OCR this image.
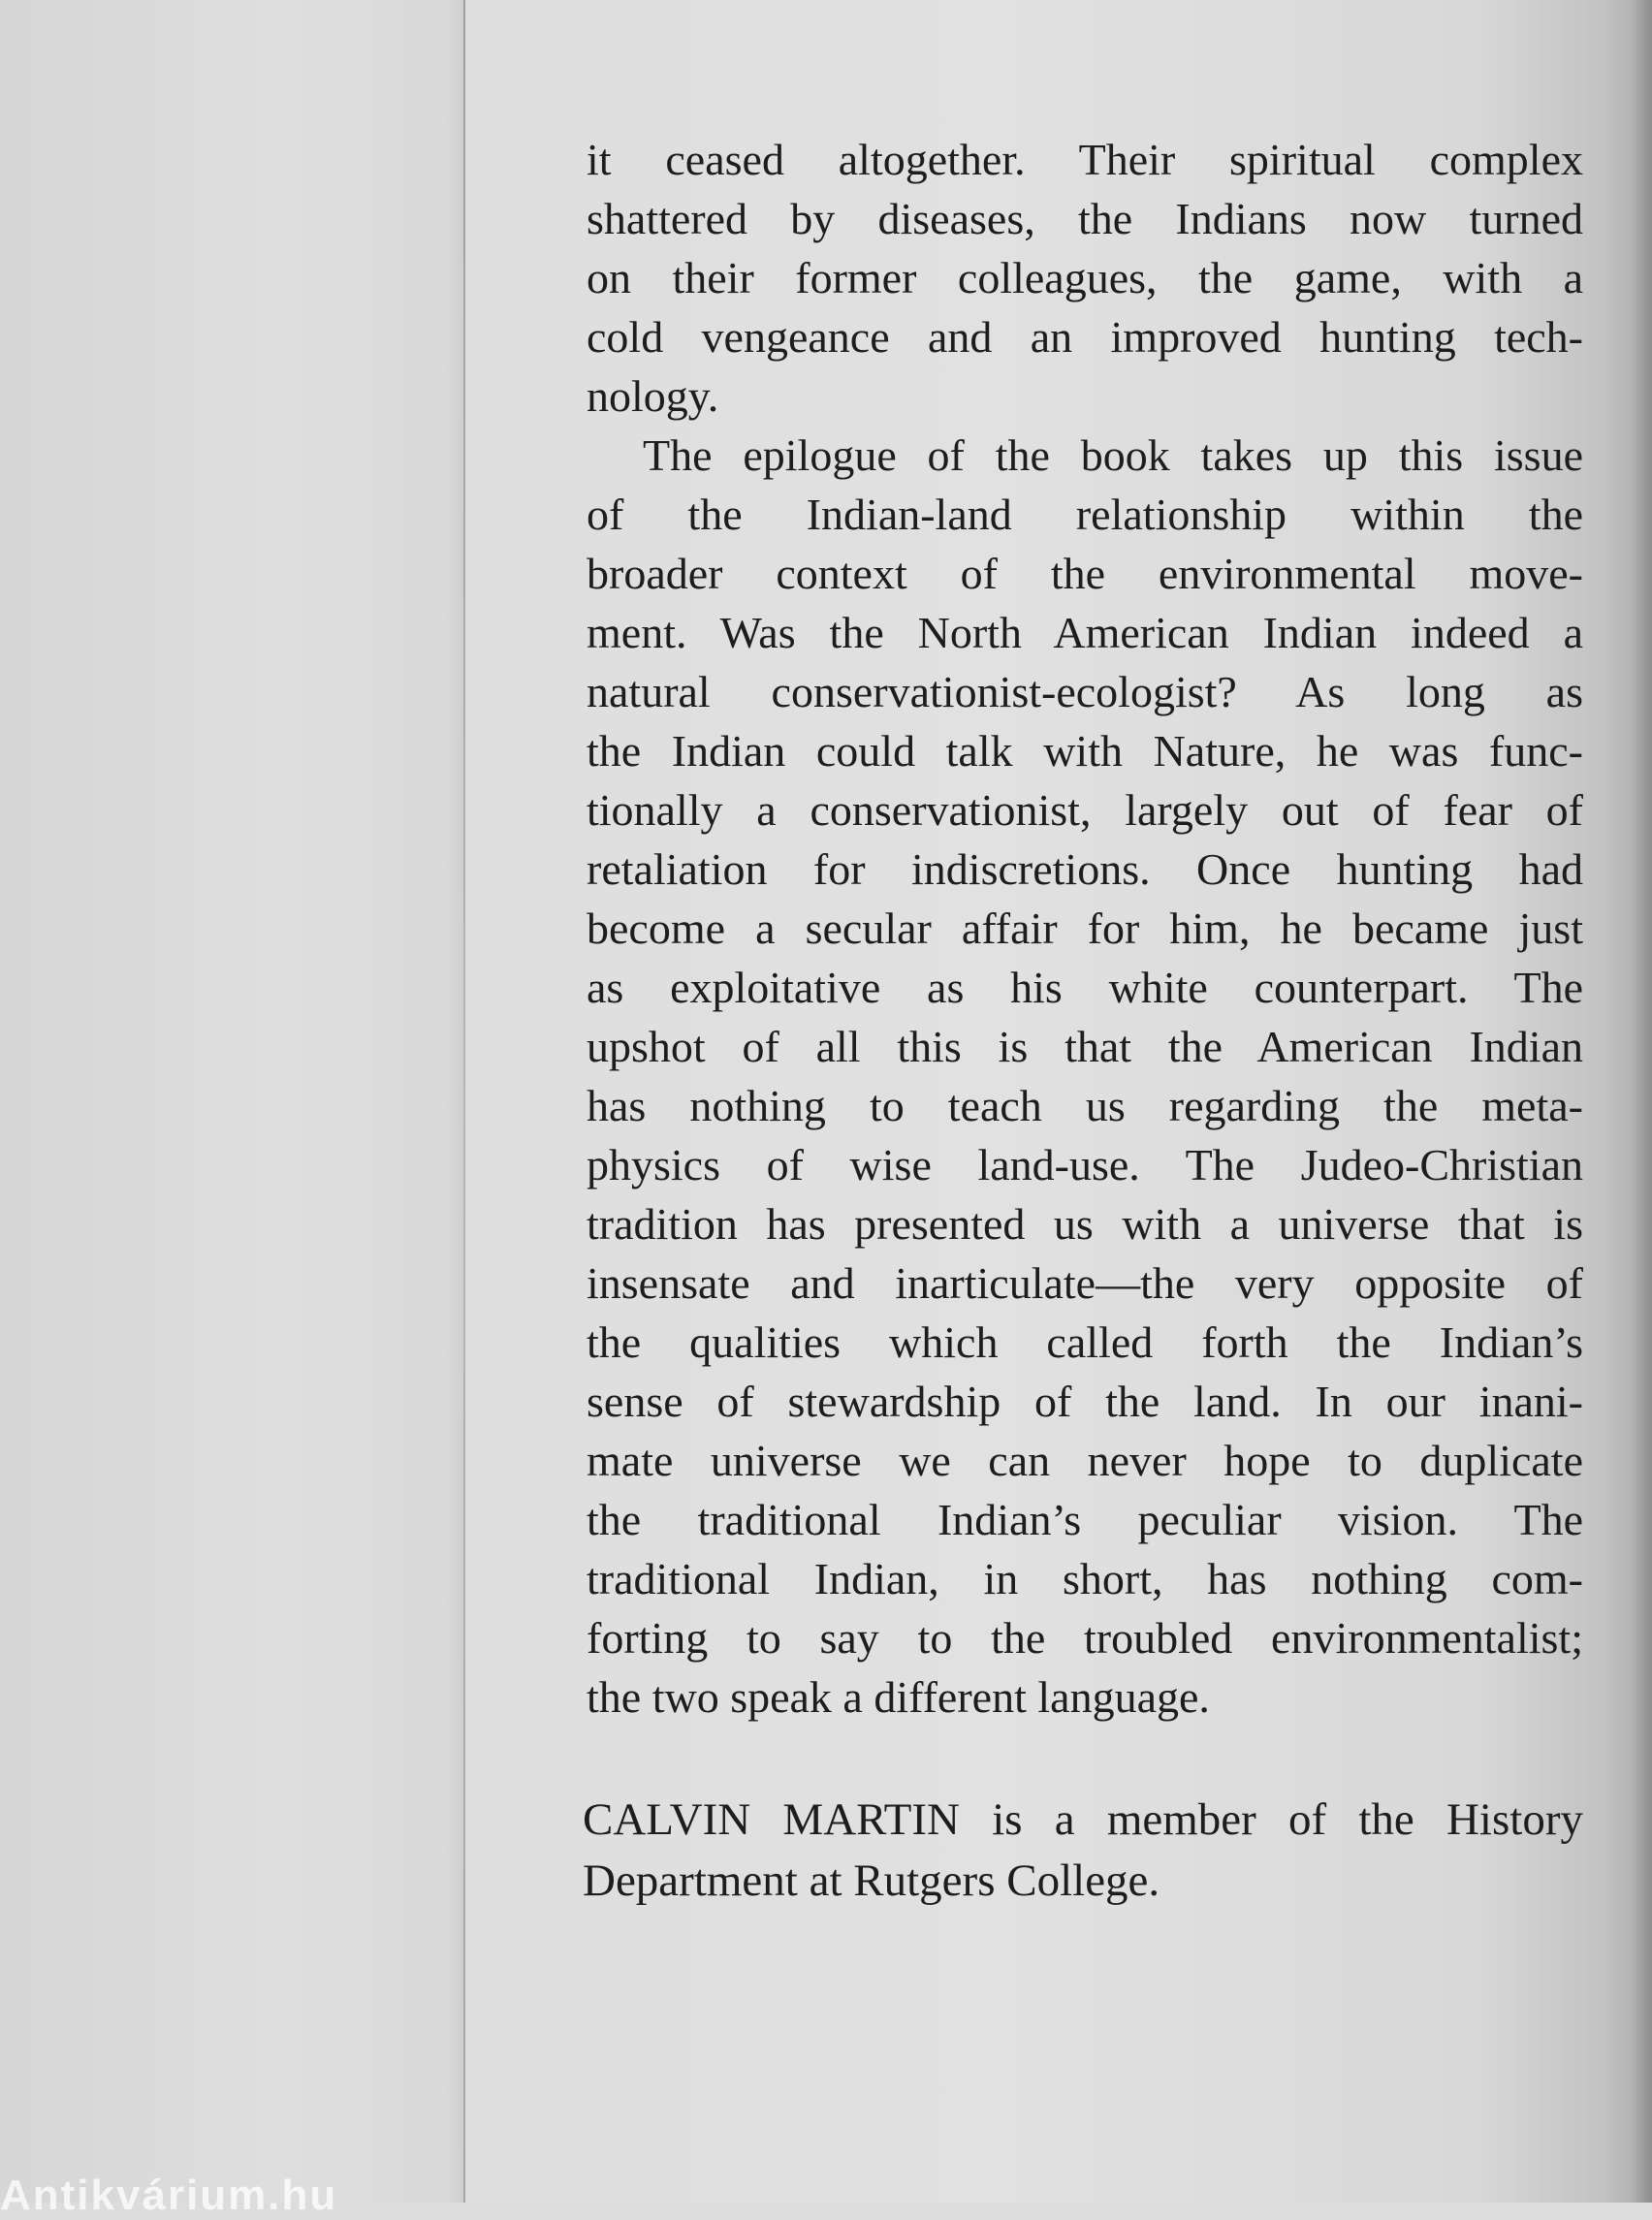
it ceased altogether. Their spiritual complex
shattered by diseases, the Indians now turned
on their former colleagues, the game, with a
cold vengeance and an improved hunting tech-
nology.
The epilogue of the book takes up this issue
of the Indian-land relationship within the
broader context of the environmental move-
ment. Was the North American Indian indeed a
natural conservationist-ecologist? As long as
the Indian could talk with Nature, he was func-
tionally a conservationist, largely out of fear of
retaliation for indiscretions. Once hunting had
become a secular affair for him, he became just
as exploitative as his white counterpart. The
upshot of all this is that the American Indian
has nothing to teach us regarding the meta-
physics of wise land-use. The Judeo-Christian
tradition has presented us with a universe that is
insensate and inarticulate—the very opposite of
the qualities which called forth the Indian’s
sense of stewardship of the land. In our inani-
mate universe we can never hope to duplicate
the traditional Indian’s peculiar vision. The
traditional Indian, in short, has nothing com-
forting to say to the troubled environmentalist;
the two speak a different language.
CALVIN MARTIN is a member of the History
Department at Rutgers College.
Antikvárium.hu
